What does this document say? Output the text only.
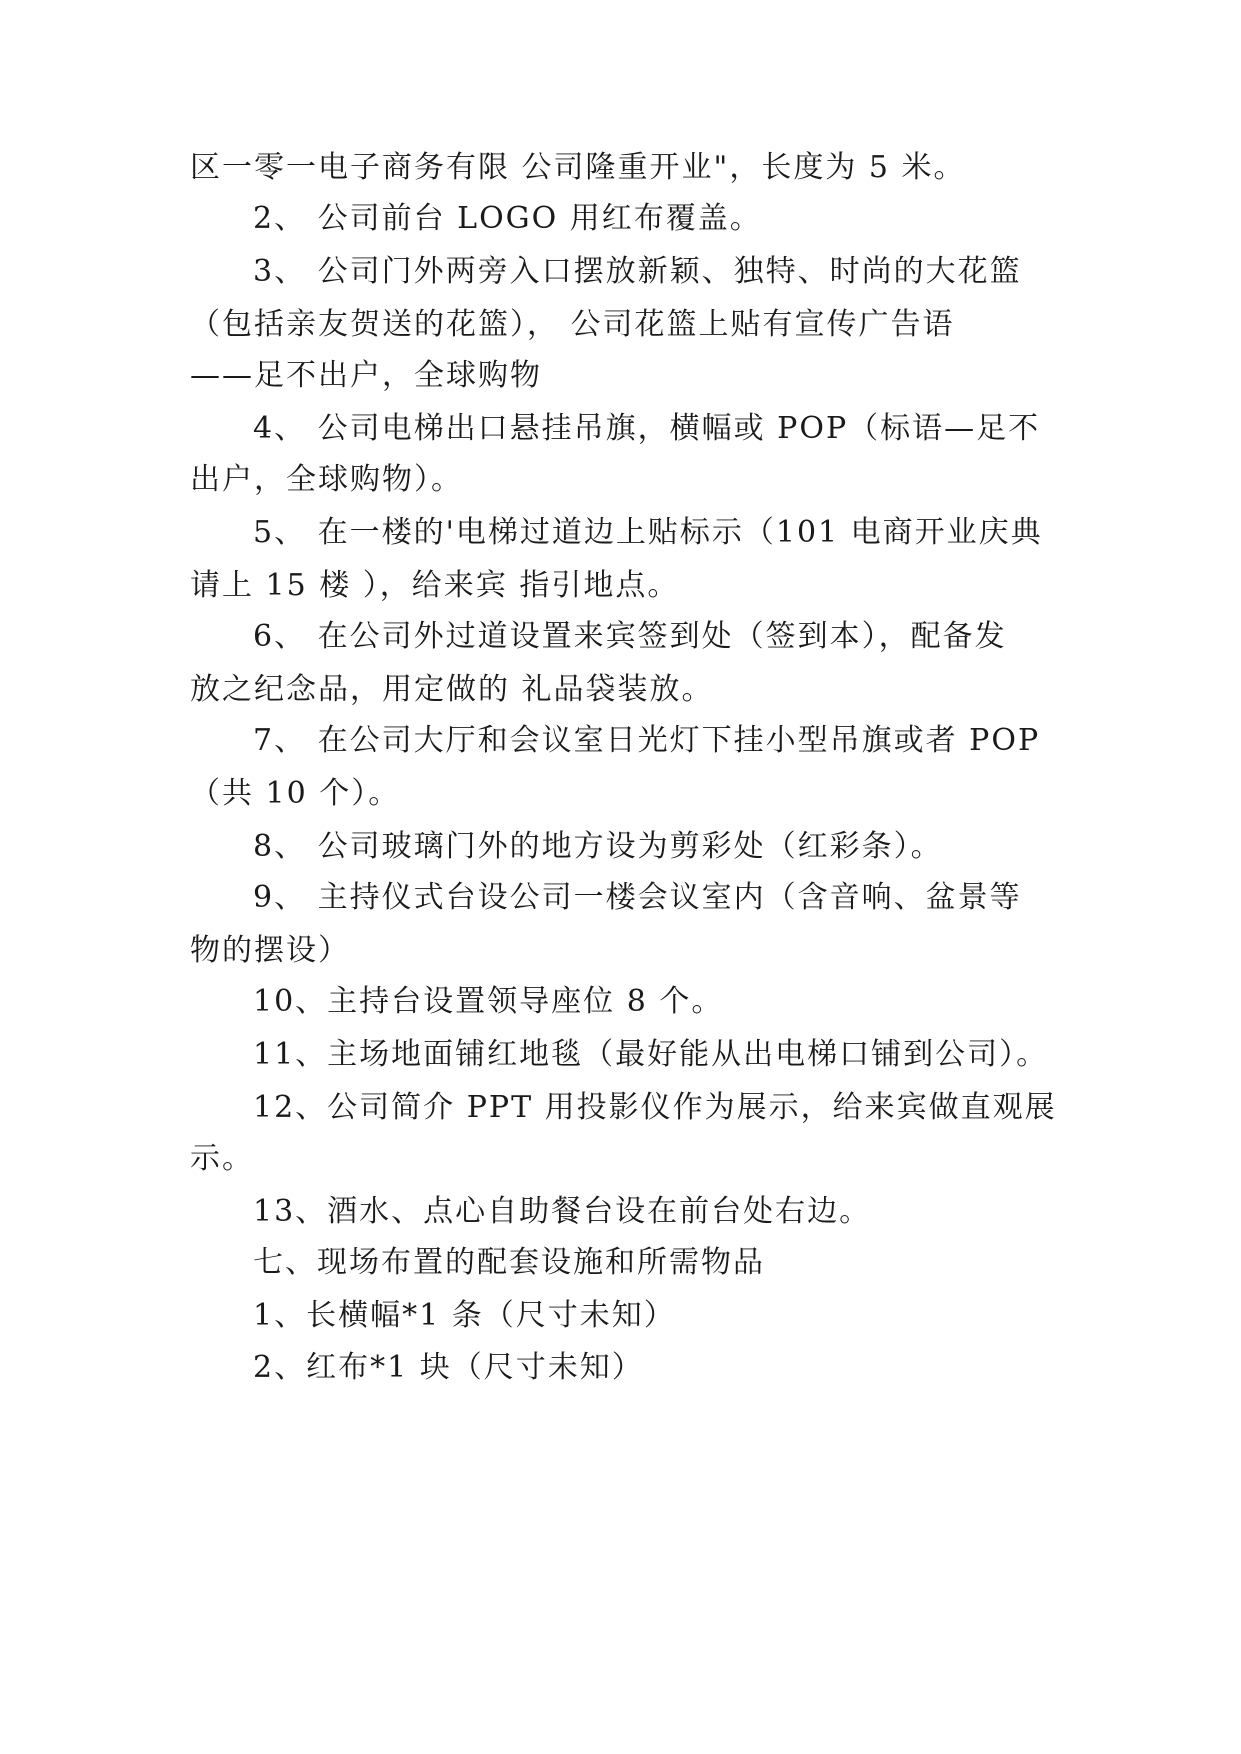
区一零一电子商务有限 公司隆重开业"，长度为 5 米。
2、 公司前台 LOGO 用红布覆盖。
3、 公司门外两旁入口摆放新颖、独特、时尚的大花篮
（包括亲友贺送的花篮）， 公司花篮上贴有宣传广告语
——足不出户，全球购物
4、 公司电梯出口悬挂吊旗，横幅或 POP（标语—足不
出户，全球购物）。
5、 在一楼的'电梯过道边上贴标示（101 电商开业庆典
请上 15 楼 ），给来宾 指引地点。
6、 在公司外过道设置来宾签到处（签到本），配备发
放之纪念品，用定做的 礼品袋装放。
7、 在公司大厅和会议室日光灯下挂小型吊旗或者 POP
（共 10 个）。
8、 公司玻璃门外的地方设为剪彩处（红彩条）。
9、 主持仪式台设公司一楼会议室内（含音响、盆景等
物的摆设）
10、主持台设置领导座位 8 个。
11、主场地面铺红地毯（最好能从出电梯口铺到公司）。
12、公司简介 PPT 用投影仪作为展示，给来宾做直观展
示。
13、酒水、点心自助餐台设在前台处右边。
七、现场布置的配套设施和所需物品
1、长横幅*1 条（尺寸未知）
2、红布*1 块（尺寸未知）
